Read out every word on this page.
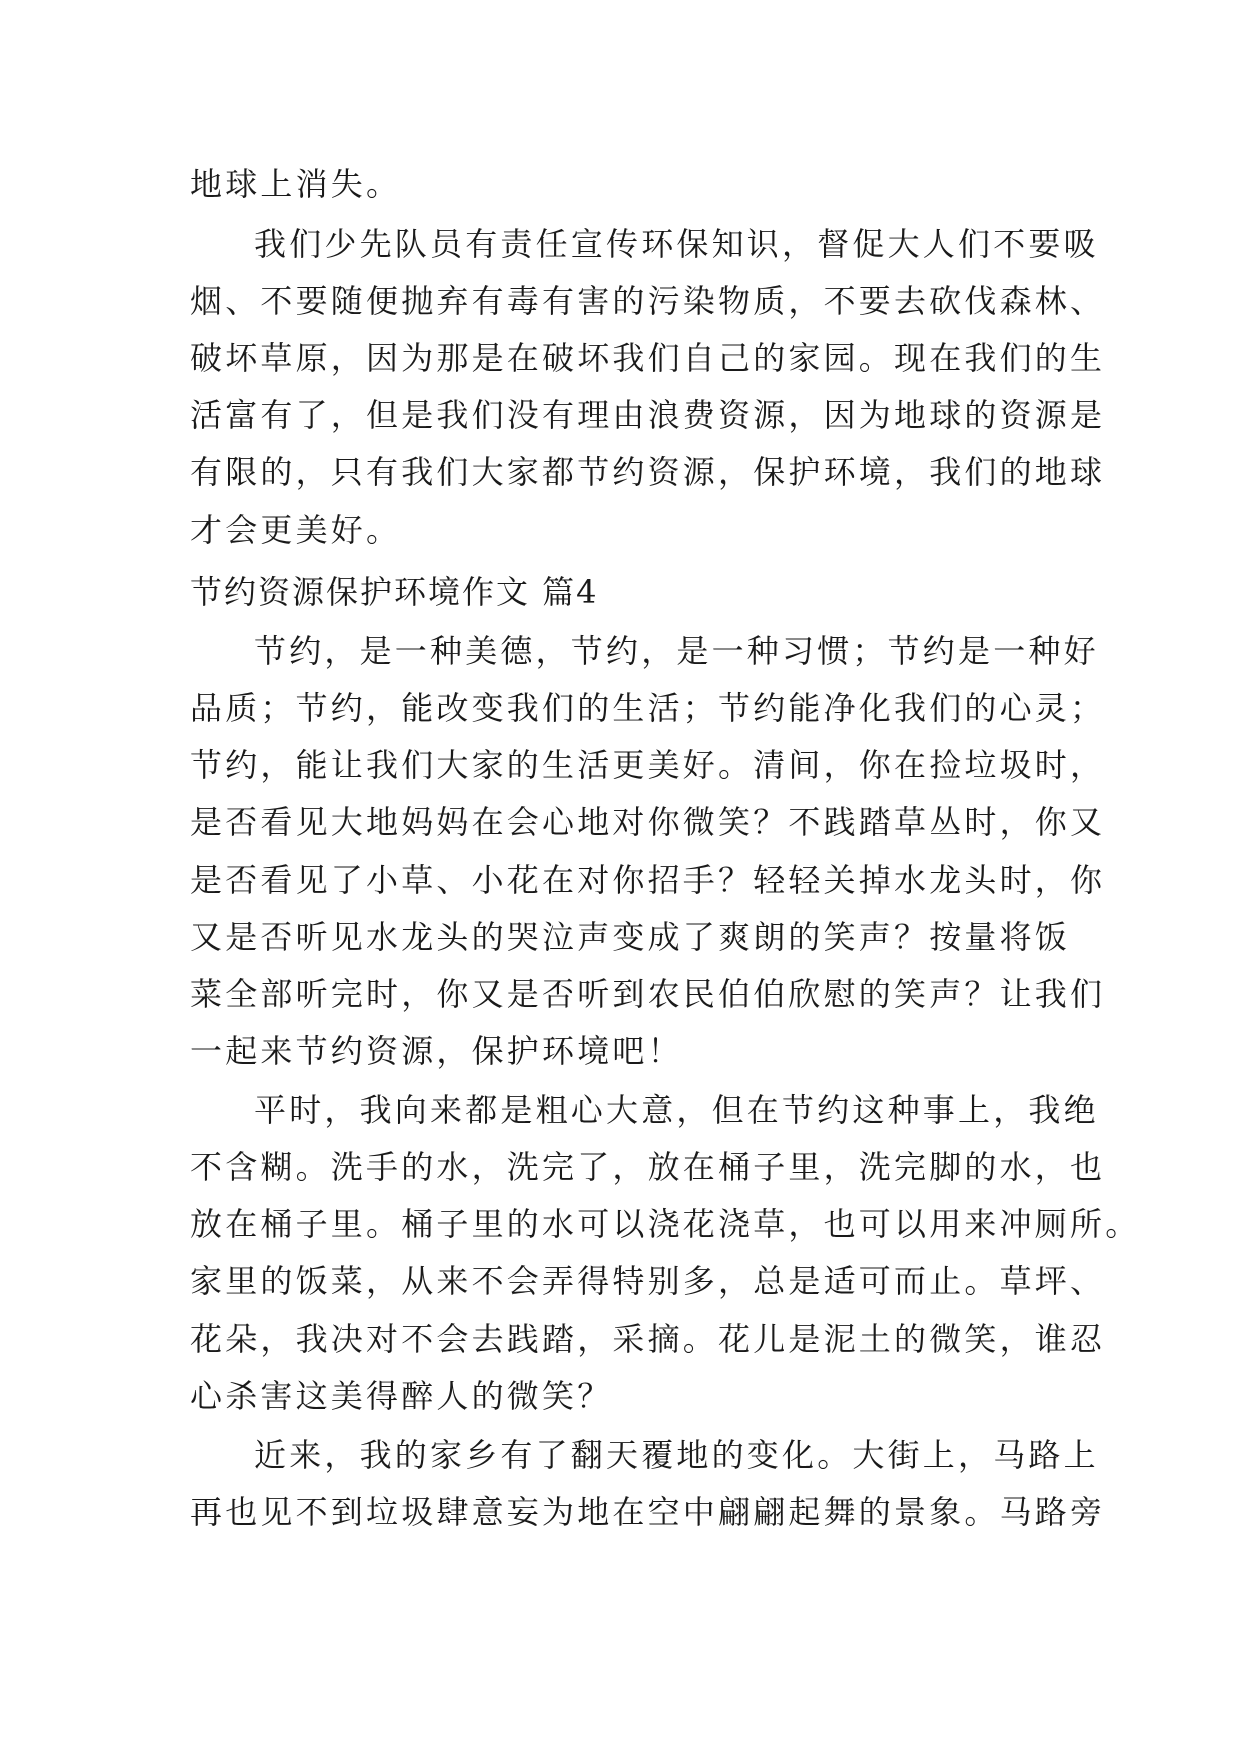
地球上消失。
我们少先队员有责任宣传环保知识，督促大人们不要吸
烟、不要随便抛弃有毒有害的污染物质，不要去砍伐森林、
破坏草原，因为那是在破坏我们自己的家园。现在我们的生
活富有了，但是我们没有理由浪费资源，因为地球的资源是
有限的，只有我们大家都节约资源，保护环境，我们的地球
才会更美好。
节约资源保护环境作文 篇4
节约，是一种美德，节约，是一种习惯；节约是一种好
品质；节约，能改变我们的生活；节约能净化我们的心灵；
节约，能让我们大家的生活更美好。清间，你在捡垃圾时，
是否看见大地妈妈在会心地对你微笑？不践踏草丛时，你又
是否看见了小草、小花在对你招手？轻轻关掉水龙头时，你
又是否听见水龙头的哭泣声变成了爽朗的笑声？按量将饭
菜全部听完时，你又是否听到农民伯伯欣慰的笑声？让我们
一起来节约资源，保护环境吧！
平时，我向来都是粗心大意，但在节约这种事上，我绝
不含糊。洗手的水，洗完了，放在桶子里，洗完脚的水，也
放在桶子里。桶子里的水可以浇花浇草，也可以用来冲厕所。
家里的饭菜，从来不会弄得特别多，总是适可而止。草坪、
花朵，我决对不会去践踏，采摘。花儿是泥土的微笑，谁忍
心杀害这美得醉人的微笑？
近来，我的家乡有了翻天覆地的变化。大街上，马路上
再也见不到垃圾肆意妄为地在空中翩翩起舞的景象。马路旁
